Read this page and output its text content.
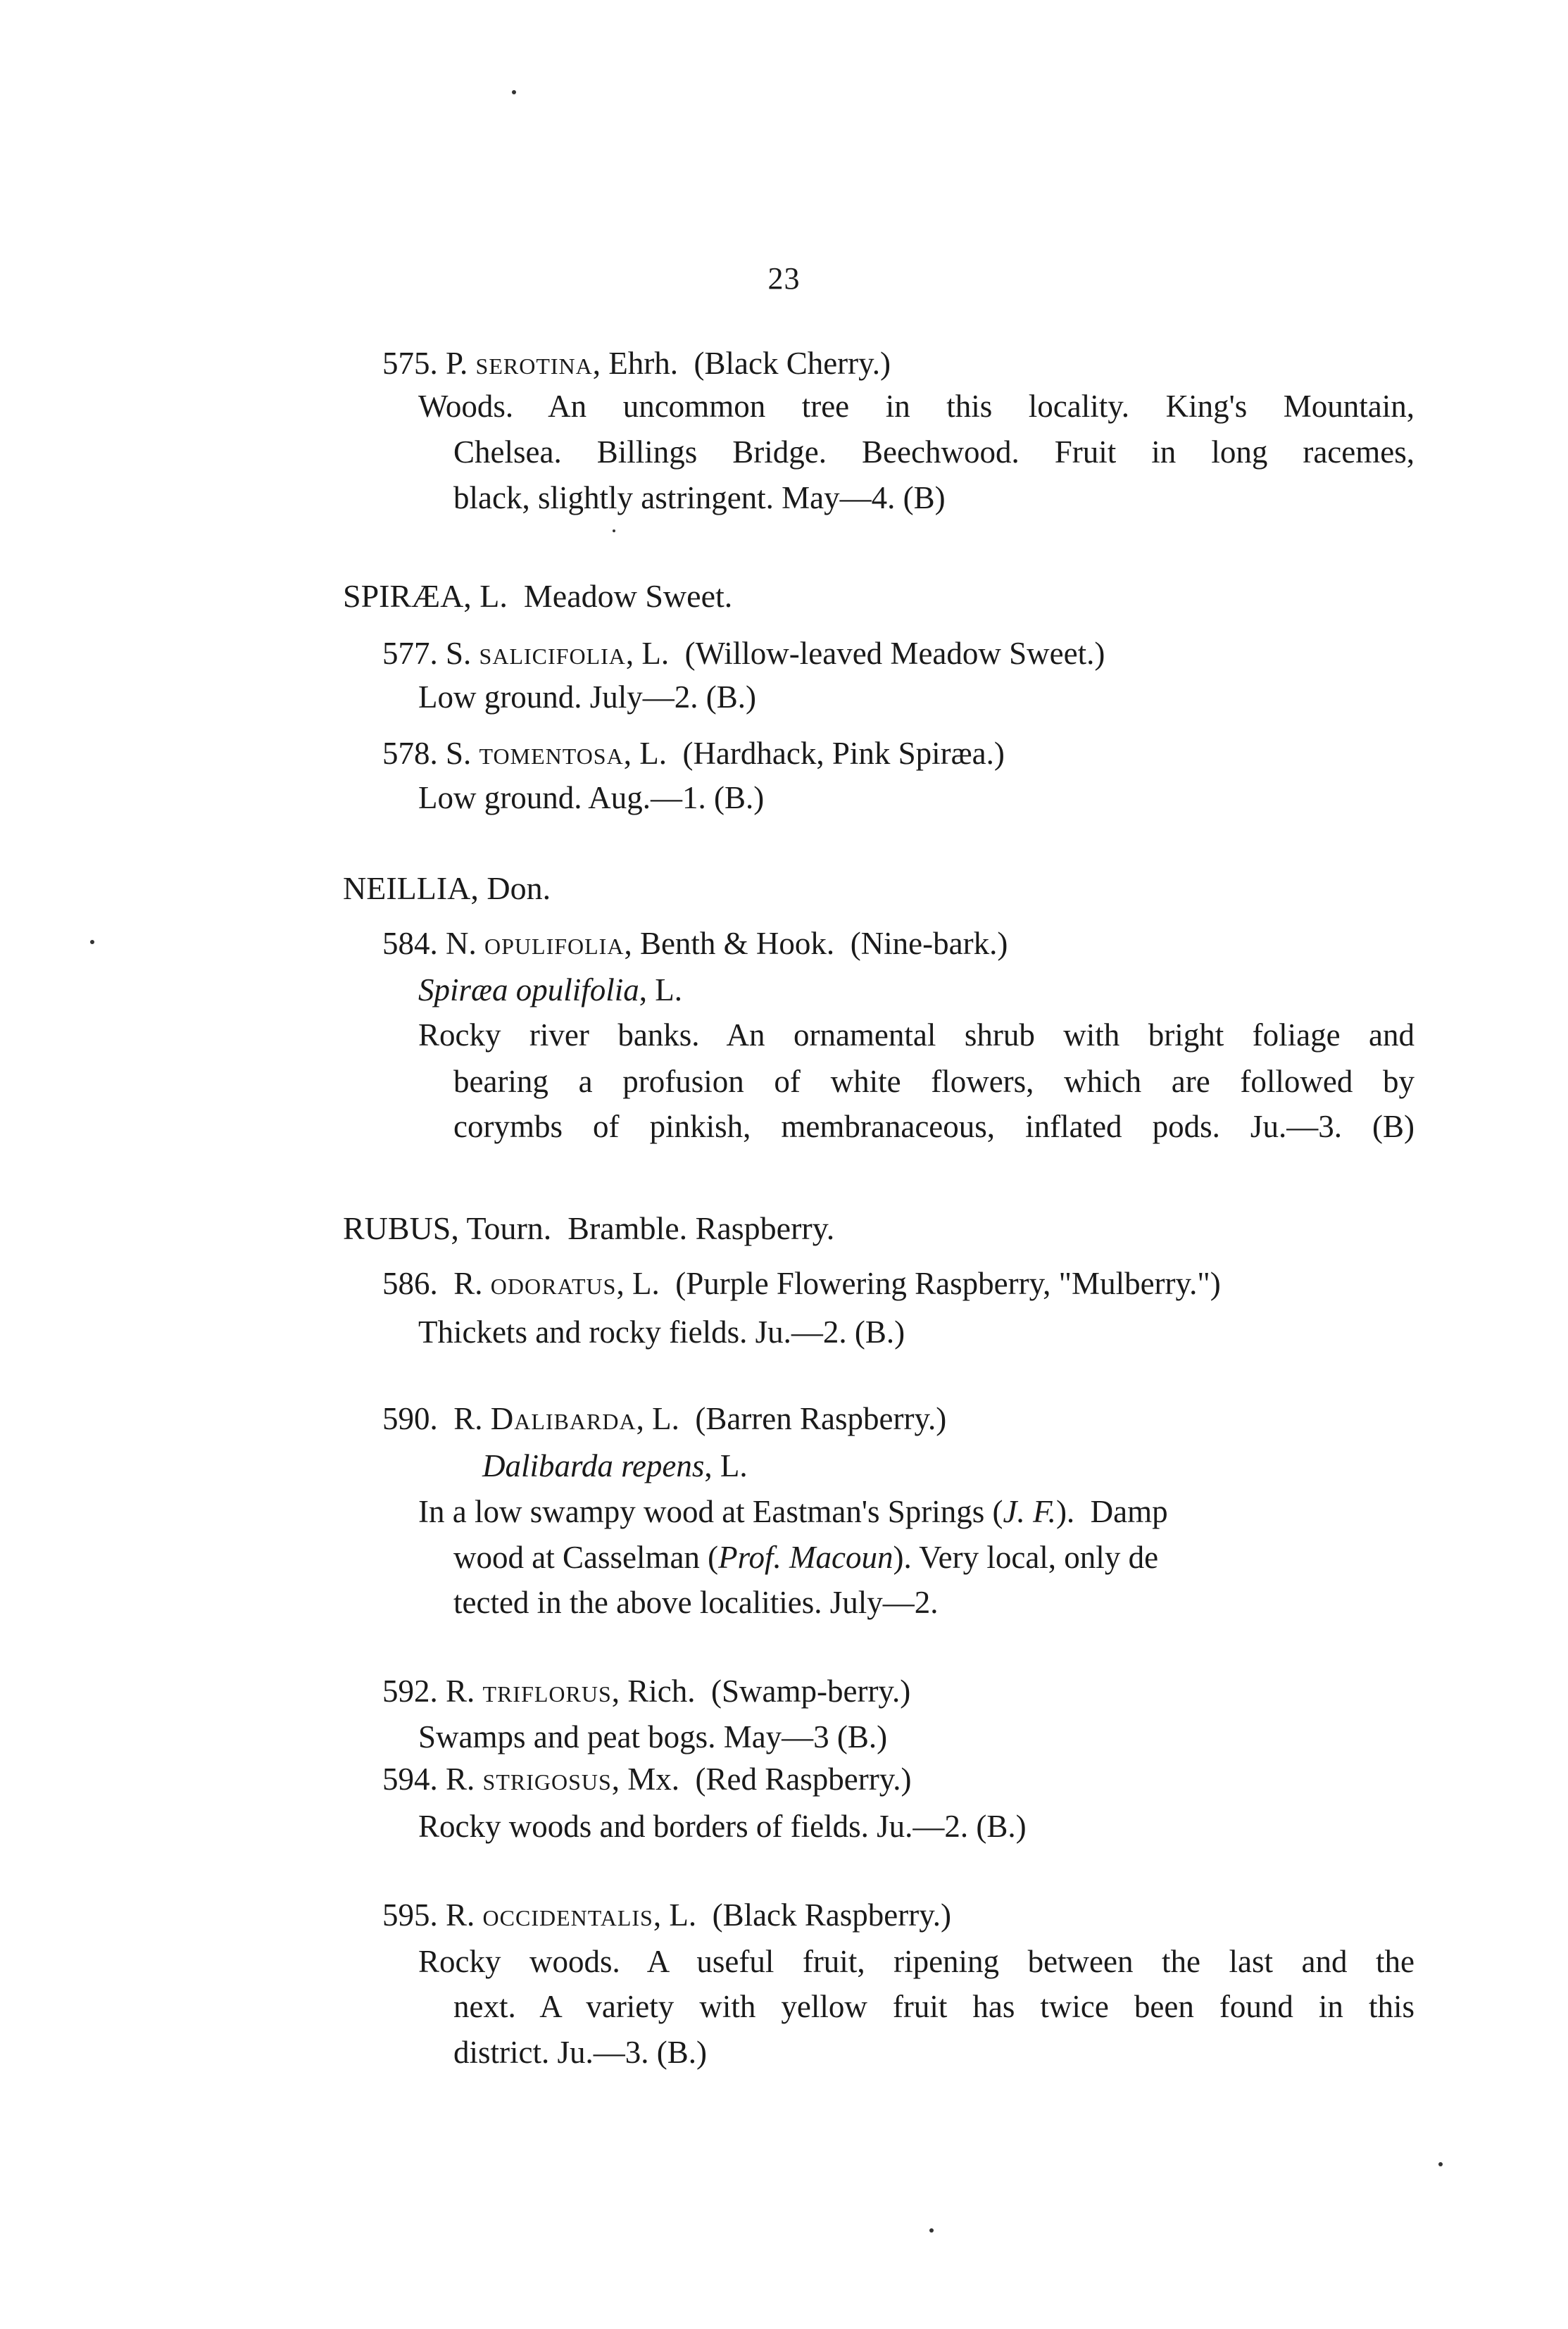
23
575. P. serotina, Ehrh. (Black Cherry.)
Woods. An uncommon tree in this locality. King's Mountain,
Chelsea. Billings Bridge. Beechwood. Fruit in long racemes,
black, slightly astringent. May—4. (B)
SPIRÆA, L. Meadow Sweet.
577. S. salicifolia, L. (Willow-leaved Meadow Sweet.)
Low ground. July—2. (B.)
578. S. tomentosa, L. (Hardhack, Pink Spiræa.)
Low ground. Aug.—1. (B.)
NEILLIA, Don.
584. N. opulifolia, Benth & Hook. (Nine-bark.)
Spiræa opulifolia, L.
Rocky river banks. An ornamental shrub with bright foliage and
bearing a profusion of white flowers, which are followed by
corymbs of pinkish, membranaceous, inflated pods. Ju.—3. (B)
RUBUS, Tourn. Bramble. Raspberry.
586. R. odoratus, L. (Purple Flowering Raspberry, "Mulberry.")
Thickets and rocky fields. Ju.—2. (B.)
590. R. Dalibarda, L. (Barren Raspberry.)
Dalibarda repens, L.
In a low swampy wood at Eastman's Springs (J. F.).  Damp
wood at Casselman (Prof. Macoun). Very local, only de
tected in the above localities. July—2.
592. R. triflorus, Rich. (Swamp-berry.)
Swamps and peat bogs. May—3 (B.)
594. R. strigosus, Mx. (Red Raspberry.)
Rocky woods and borders of fields. Ju.—2. (B.)
595. R. occidentalis, L. (Black Raspberry.)
Rocky woods. A useful fruit, ripening between the last and the
next. A variety with yellow fruit has twice been found in this
district. Ju.—3. (B.)
